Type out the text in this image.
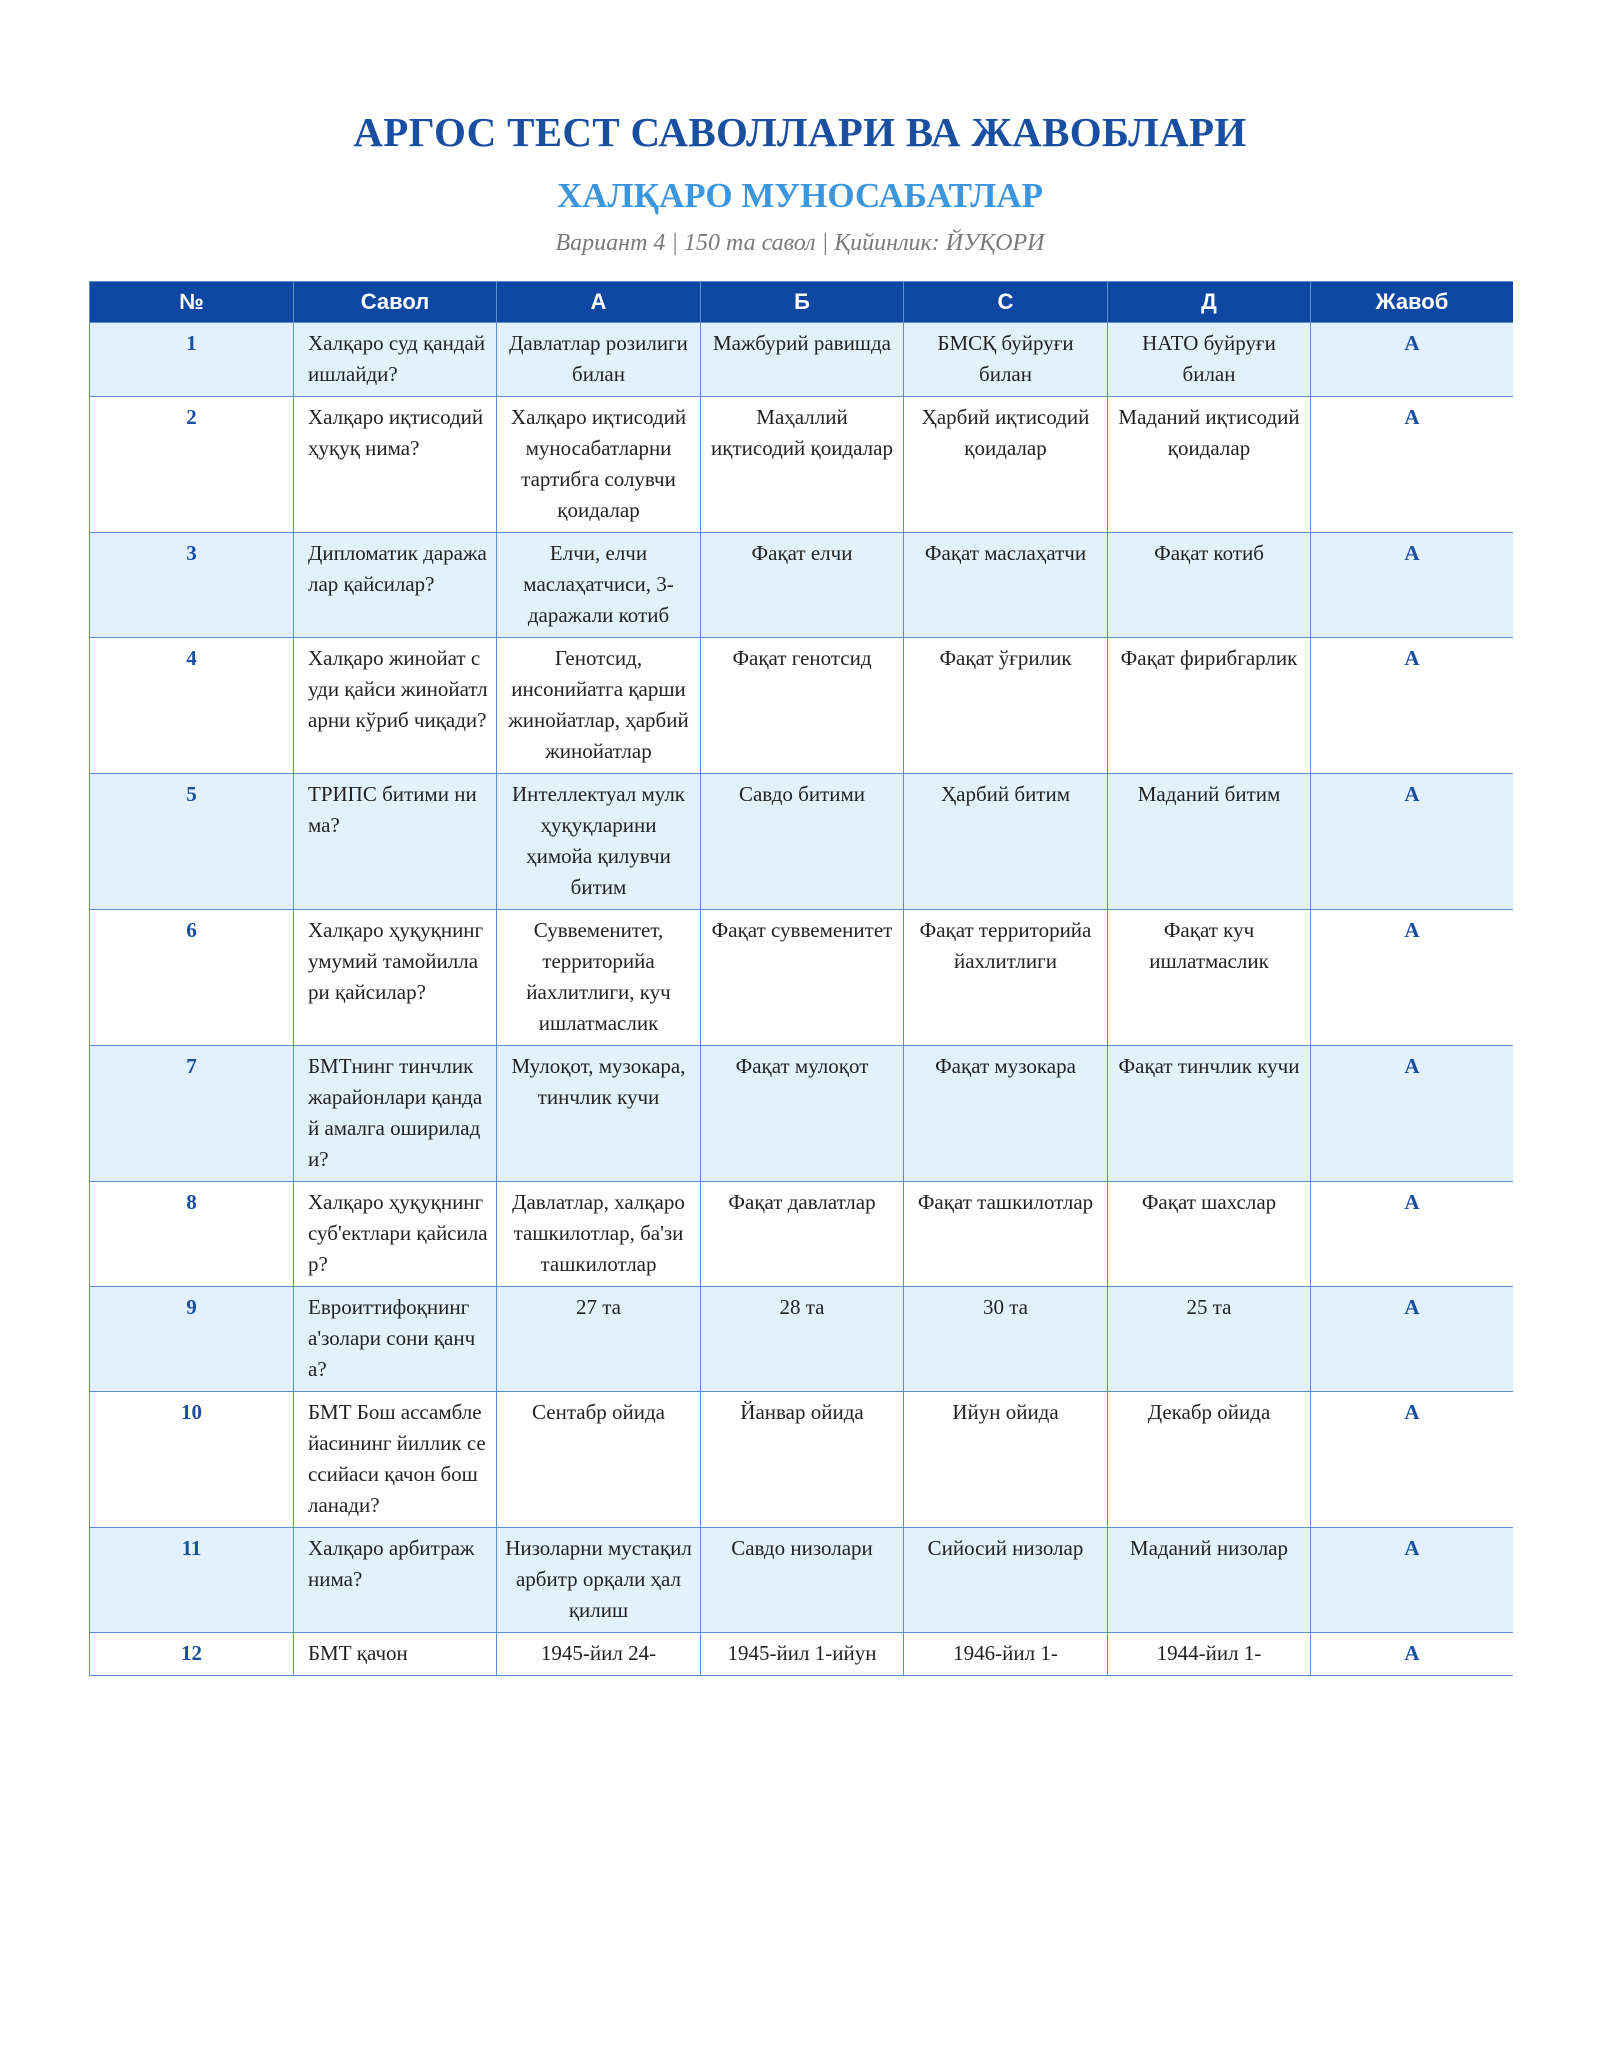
АРГОС ТЕСТ САВОЛЛАРИ ВА ЖАВОБЛАРИ
ХАЛҚАРО МУНОСАБАТЛАР
Вариант 4 | 150 та савол | Қийинлик: ЙУҚОРИ
№	Савол	А	Б	С	Д	Жавоб
1	Халқаро суд қандай ишлайди?	Давлатлар розилиги билан	Мажбурий равишда	БМСҚ буйруғи билан	НАТО буйруғи билан	А
2	Халқаро иқтисодий ҳуқуқ нима?	Халқаро иқтисодий муносабатларни тартибга солувчи қоидалар	Маҳаллий иқтисодий қоидалар	Ҳарбий иқтисодий қоидалар	Маданий иқтисодий қоидалар	А
3	Дипломатик даражалар қайсилар?	Елчи, елчи маслаҳатчиси, 3-даражали котиб	Фақат елчи	Фақат маслаҳатчи	Фақат котиб	А
4	Халқаро жинойат суди қайси жинойатларни кўриб чиқади?	Генотсид, инсонийатга қарши жинойатлар, ҳарбий жинойатлар	Фақат генотсид	Фақат ўғрилик	Фақат фирибгарлик	А
5	ТРИПС битими нима?	Интеллектуал мулк ҳуқуқларини ҳимойа қилувчи битим	Савдо битими	Ҳарбий битим	Маданий битим	А
6	Халқаро ҳуқуқнинг умумий тамойиллари қайсилар?	Суввеменитет, территорийа йахлитлиги, куч ишлатмаслик	Фақат суввеменитет	Фақат территорийа йахлитлиги	Фақат куч ишлатмаслик	А
7	БМТнинг тинчлик жарайонлари қандай амалга оширилади?	Мулоқот, музокара, тинчлик кучи	Фақат мулоқот	Фақат музокара	Фақат тинчлик кучи	А
8	Халқаро ҳуқуқнинг суб'ектлари қайсилар?	Давлатлар, халқаро ташкилотлар, ба'зи ташкилотлар	Фақат давлатлар	Фақат ташкилотлар	Фақат шахслар	А
9	Евроиттифоқнинг а'золари сони қанча?	27 та	28 та	30 та	25 та	А
10	БМТ Бош ассамблейасининг йиллик сессийаси қачон бошланади?	Сентабр ойида	Йанвар ойида	Ийун ойида	Декабр ойида	А
11	Халқаро арбитраж нима?	Низоларни мустақил арбитр орқали ҳал қилиш	Савдо низолари	Сийосий низолар	Маданий низолар	А
12	БМТ қачон	1945-йил 24-	1945-йил 1-ийун	1946-йил 1-	1944-йил 1-	А
